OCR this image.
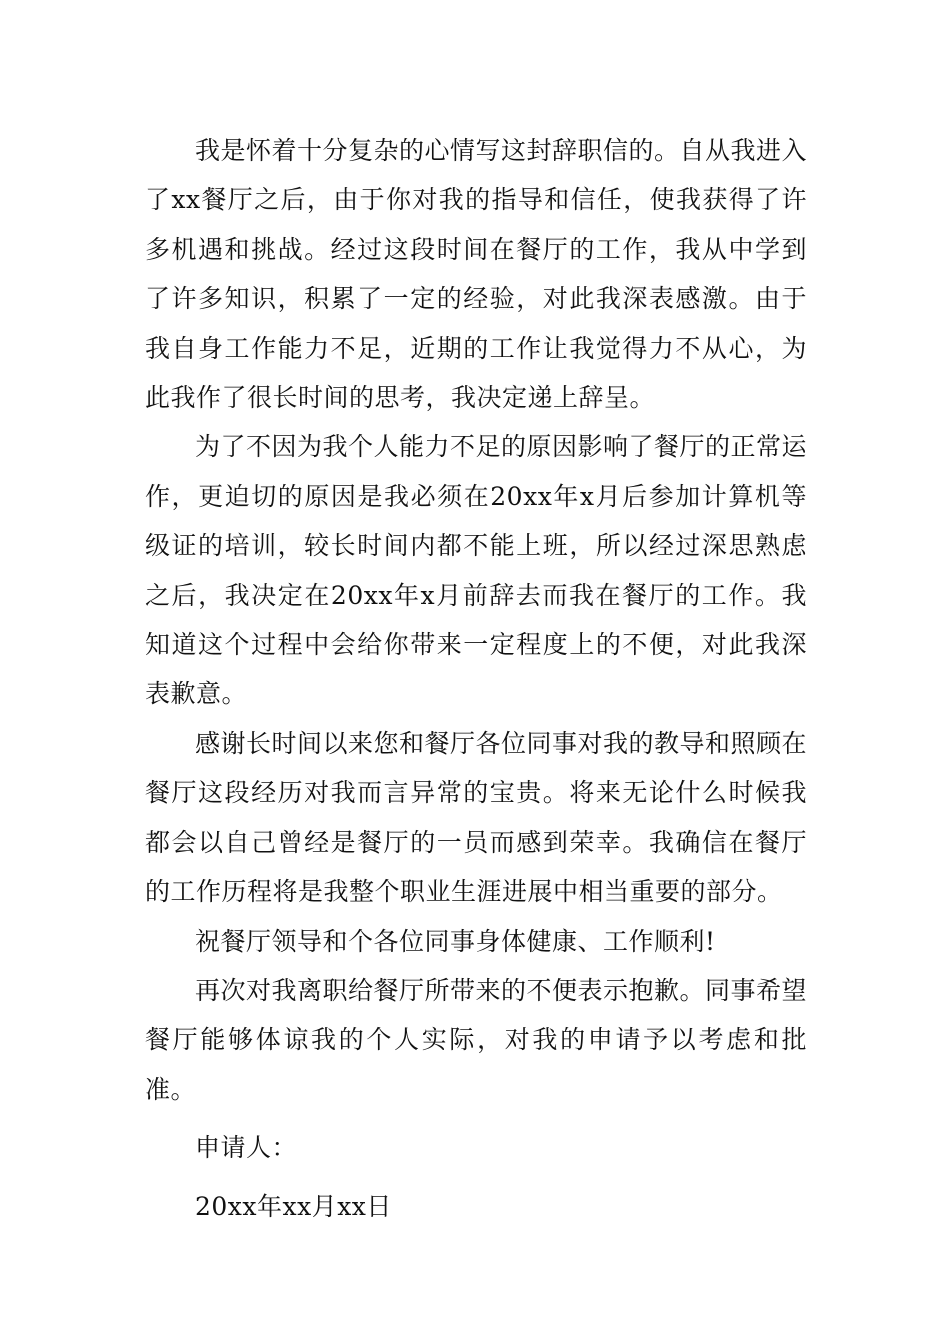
我是怀着十分复杂的心情写这封辞职信的。自从我进入了xx餐厅之后，由于你对我的指导和信任，使我获得了许多机遇和挑战。经过这段时间在餐厅的工作，我从中学到了许多知识，积累了一定的经验，对此我深表感激。由于我自身工作能力不足，近期的工作让我觉得力不从心，为此我作了很长时间的思考，我决定递上辞呈。

为了不因为我个人能力不足的原因影响了餐厅的正常运作，更迫切的原因是我必须在20xx年x月后参加计算机等级证的培训，较长时间内都不能上班，所以经过深思熟虑之后，我决定在20xx年x月前辞去而我在餐厅的工作。我知道这个过程中会给你带来一定程度上的不便，对此我深表歉意。

感谢长时间以来您和餐厅各位同事对我的教导和照顾在餐厅这段经历对我而言异常的宝贵。将来无论什么时候我都会以自己曾经是餐厅的一员而感到荣幸。我确信在餐厅的工作历程将是我整个职业生涯进展中相当重要的部分。

祝餐厅领导和个各位同事身体健康、工作顺利!

再次对我离职给餐厅所带来的不便表示抱歉。同事希望餐厅能够体谅我的个人实际，对我的申请予以考虑和批准。

申请人：

20xx年xx月xx日
